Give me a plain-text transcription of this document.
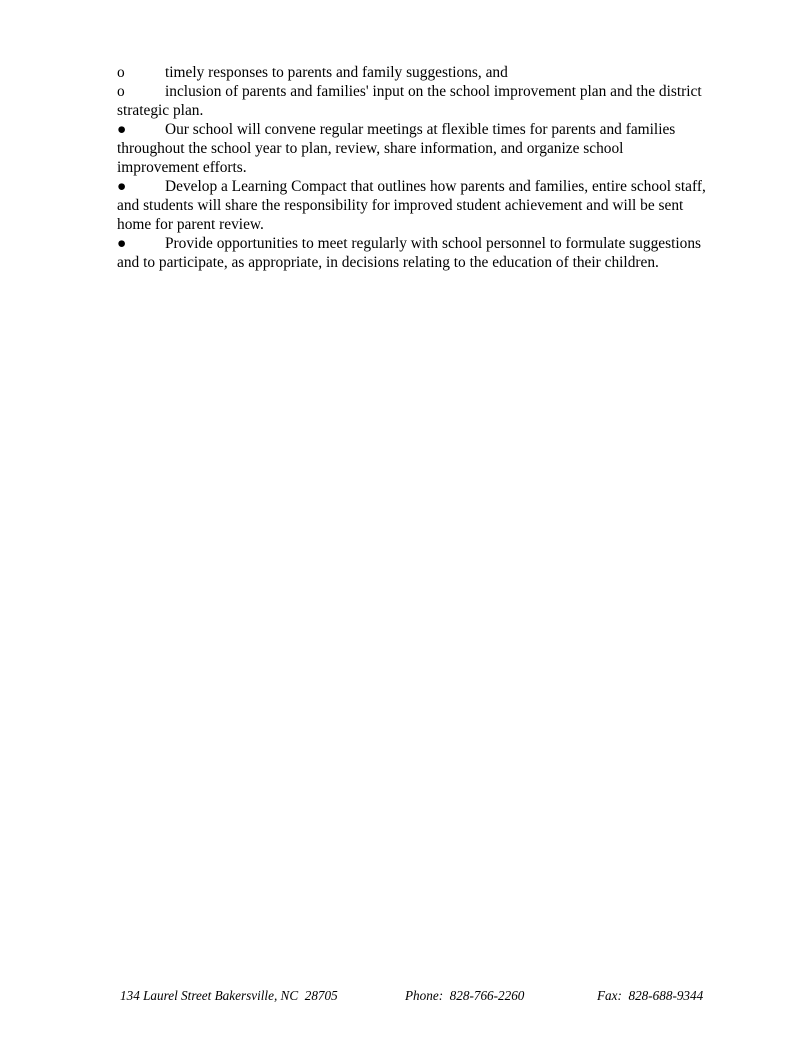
o	timely responses to parents and family suggestions, and

o	inclusion of parents and families' input on the school improvement plan and the district strategic plan.

●	Our school will convene regular meetings at flexible times for parents and families throughout the school year to plan, review, share information, and organize school improvement efforts.

●	Develop a Learning Compact that outlines how parents and families, entire school staff, and students will share the responsibility for improved student achievement and will be sent home for parent review.

●	Provide opportunities to meet regularly with school personnel to formulate suggestions and to participate, as appropriate, in decisions relating to the education of their children.

134 Laurel Street Bakersville, NC  28705	Phone:  828-766-2260	Fax:  828-688-9344
